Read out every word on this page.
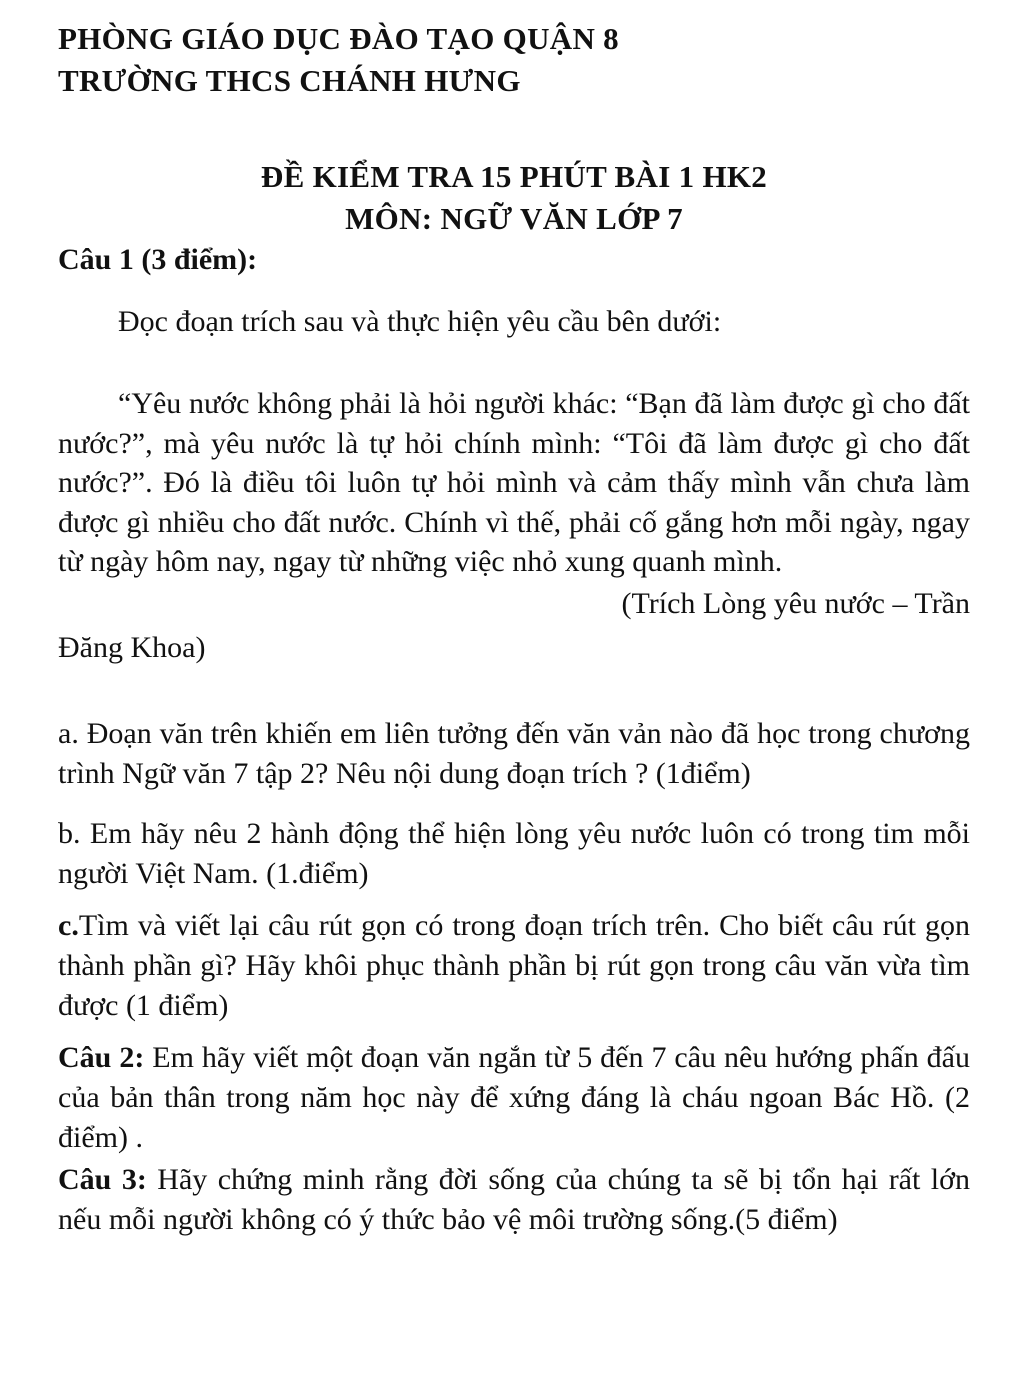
PHÒNG GIÁO DỤC ĐÀO TẠO QUẬN 8

TRƯỜNG THCS CHÁNH HƯNG

ĐỀ KIỂM TRA 15 PHÚT BÀI 1 HK2

MÔN: NGỮ VĂN LỚP 7

Câu 1 (3 điểm):
Đọc đoạn trích sau và thực hiện yêu cầu bên dưới:
“Yêu nước không phải là hỏi người khác: “Bạn đã làm được gì cho đất nước?”, mà yêu nước là tự hỏi chính mình: “Tôi đã làm được gì cho đất nước?”. Đó là điều tôi luôn tự hỏi mình và cảm thấy mình vẫn chưa làm được gì nhiều cho đất nước. Chính vì thế, phải cố gắng hơn mỗi ngày, ngay từ ngày hôm nay, ngay từ những việc nhỏ xung quanh mình.
(Trích Lòng yêu nước – Trần
Đăng Khoa)
a. Đoạn văn trên khiến em liên tưởng đến văn vản nào đã học trong chương trình Ngữ văn 7 tập 2? Nêu nội dung đoạn trích ? (1điểm)
b. Em hãy nêu 2 hành động thể hiện lòng yêu nước luôn có trong tim mỗi người Việt Nam. (1.điểm)
c.Tìm và viết lại câu rút gọn có trong đoạn trích trên. Cho biết câu rút gọn thành phần gì? Hãy khôi phục thành phần bị rút gọn trong câu văn vừa tìm được (1 điểm)
Câu 2: Em hãy viết một đoạn văn ngắn từ 5 đến 7 câu nêu hướng phấn đấu của bản thân trong năm học này để xứng đáng là cháu ngoan Bác Hồ. (2 điểm) .
Câu 3: Hãy chứng minh rằng đời sống của chúng ta sẽ bị tổn hại rất lớn nếu mỗi người không có ý thức bảo vệ môi trường sống.(5 điểm)
